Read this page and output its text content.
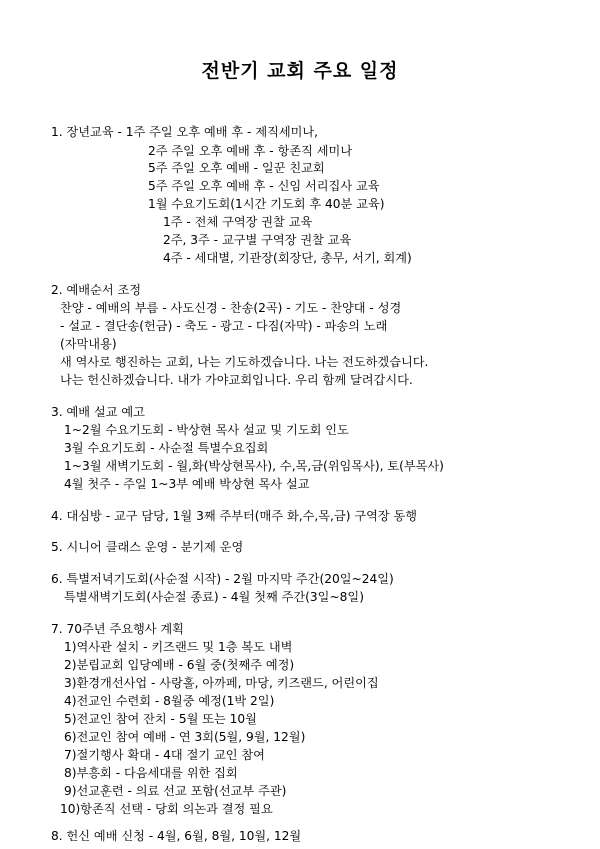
전반기 교회 주요 일정
1. 장년교육 - 1주 주일 오후 예배 후 - 제직세미나,
2주 주일 오후 예배 후 - 항존직 세미나
5주 주일 오후 예배 - 일꾼 친교회
5주 주일 오후 예배 후 - 신임 서리집사 교육
1월 수요기도회(1시간 기도회 후 40분 교육)
1주 - 전체 구역장 권찰 교육
2주, 3주 - 교구별 구역장 권찰 교육
4주 - 세대별, 기관장(회장단, 총무, 서기, 회계)
2. 예배순서 조정
찬양 - 예배의 부름 - 사도신경 - 찬송(2곡) - 기도 - 찬양대 - 성경
- 설교 - 결단송(헌금) - 축도 - 광고 - 다짐(자막) - 파송의 노래
(자막내용)
새 역사로 행진하는 교회, 나는 기도하겠습니다. 나는 전도하겠습니다.
나는 헌신하겠습니다. 내가 가야교회입니다. 우리 함께 달려갑시다.
3. 예배 설교 예고
1~2월 수요기도회 - 박상현 목사 설교 및 기도회 인도
3월 수요기도회 - 사순절 특별수요집회
1~3월 새벽기도회 - 월,화(박상현목사), 수,목,금(위임목사), 토(부목사)
4월 첫주 - 주일 1~3부 예배 박상현 목사 설교
4. 대심방 - 교구 담당, 1월 3째 주부터(매주 화,수,목,금) 구역장 동행
5. 시니어 클래스 운영 - 분기제 운영
6. 특별저녁기도회(사순절 시작) - 2월 마지막 주간(20일~24일)
특별새벽기도회(사순절 종료) - 4월 첫째 주간(3일~8일)
7. 70주년 주요행사 계획
1)역사관 설치 - 키즈랜드 및 1층 복도 내벽
2)분립교회 입당예배 - 6월 중(첫째주 예정)
3)환경개선사업 - 사랑홀, 아까페, 마당, 키즈랜드, 어린이집
4)전교인 수련회 - 8월중 예정(1박 2일)
5)전교인 참여 잔치 - 5월 또는 10월
6)전교인 참여 예배 - 연 3회(5월, 9월, 12월)
7)절기행사 확대 - 4대 절기 교인 참여
8)부흥회 - 다음세대를 위한 집회
9)선교훈련 - 의료 선교 포함(선교부 주관)
10)항존직 선택 - 당회 의논과 결정 필요
8. 헌신 예배 신청 - 4월, 6월, 8월, 10월, 12월
